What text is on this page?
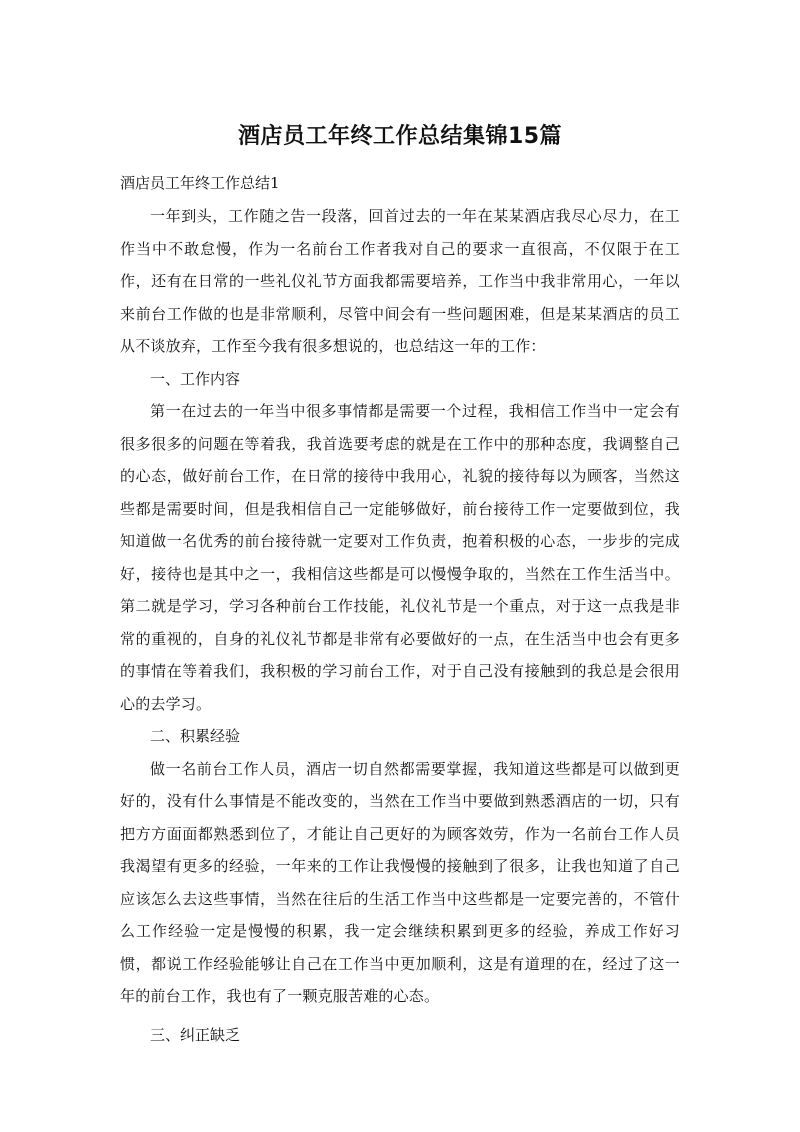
酒店员工年终工作总结集锦15篇

酒店员工年终工作总结1

一年到头，工作随之告一段落，回首过去的一年在某某酒店我尽心尽力，在工作当中不敢怠慢，作为一名前台工作者我对自己的要求一直很高，不仅限于在工作，还有在日常的一些礼仪礼节方面我都需要培养，工作当中我非常用心，一年以来前台工作做的也是非常顺利，尽管中间会有一些问题困难，但是某某酒店的员工从不谈放弃，工作至今我有很多想说的，也总结这一年的工作：

一、工作内容

第一在过去的一年当中很多事情都是需要一个过程，我相信工作当中一定会有很多很多的问题在等着我，我首选要考虑的就是在工作中的那种态度，我调整自己的心态，做好前台工作，在日常的接待中我用心，礼貌的接待每以为顾客，当然这些都是需要时间，但是我相信自己一定能够做好，前台接待工作一定要做到位，我知道做一名优秀的前台接待就一定要对工作负责，抱着积极的心态，一步步的完成好，接待也是其中之一，我相信这些都是可以慢慢争取的，当然在工作生活当中。第二就是学习，学习各种前台工作技能，礼仪礼节是一个重点，对于这一点我是非常的重视的，自身的礼仪礼节都是非常有必要做好的一点，在生活当中也会有更多的事情在等着我们，我积极的学习前台工作，对于自己没有接触到的我总是会很用心的去学习。

二、积累经验

做一名前台工作人员，酒店一切自然都需要掌握，我知道这些都是可以做到更好的，没有什么事情是不能改变的，当然在工作当中要做到熟悉酒店的一切，只有把方方面面都熟悉到位了，才能让自己更好的为顾客效劳，作为一名前台工作人员我渴望有更多的经验，一年来的工作让我慢慢的接触到了很多，让我也知道了自己应该怎么去这些事情，当然在往后的生活工作当中这些都是一定要完善的，不管什么工作经验一定是慢慢的积累，我一定会继续积累到更多的经验，养成工作好习惯，都说工作经验能够让自己在工作当中更加顺利，这是有道理的在，经过了这一年的前台工作，我也有了一颗克服苦难的心态。

三、纠正缺乏
